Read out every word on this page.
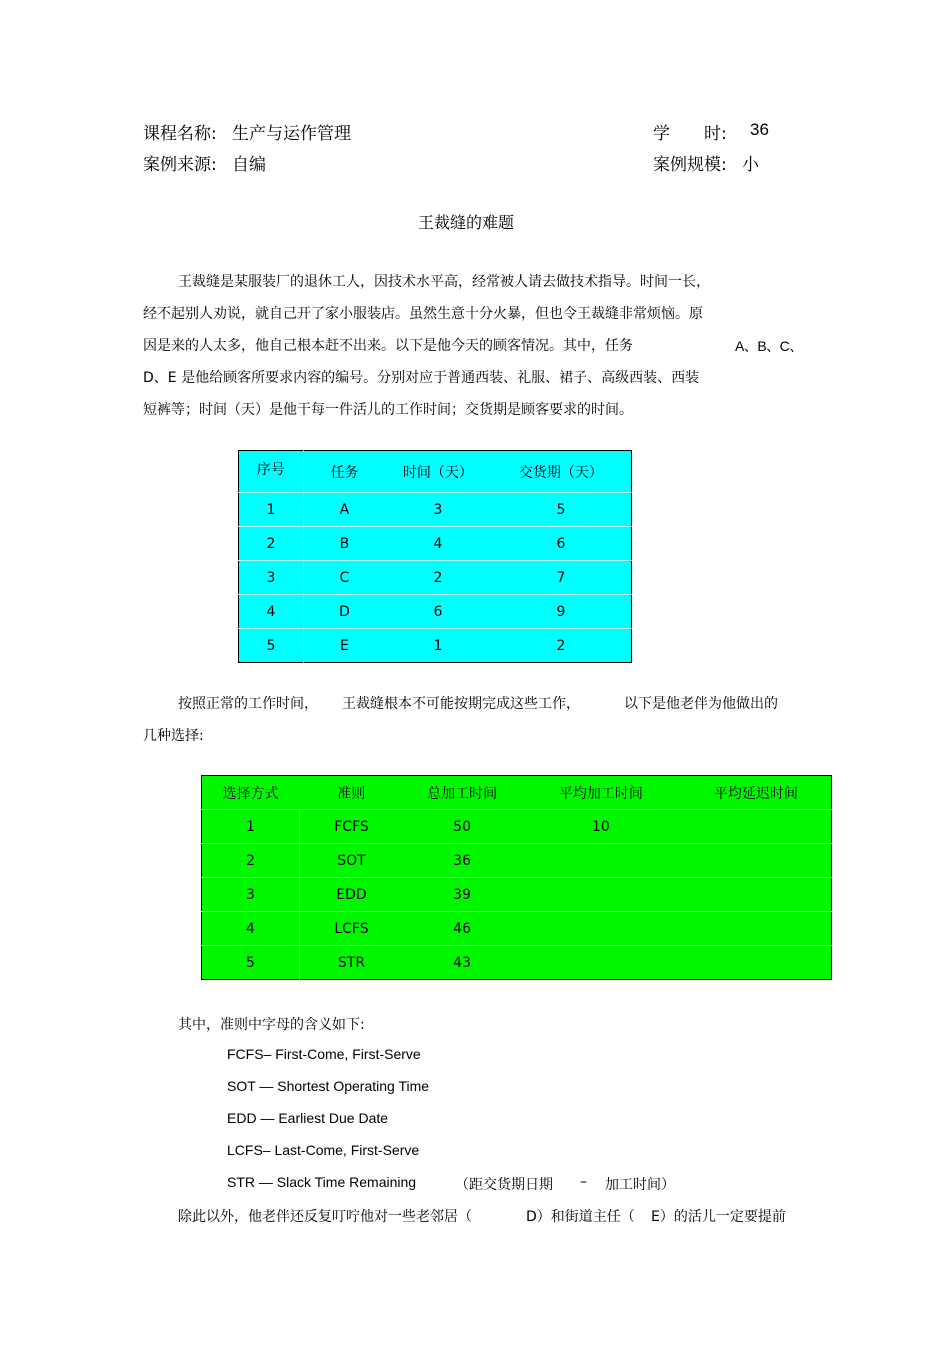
课程名称: 生产与运作管理	学　　时: 36
案例来源: 自编	案例规模: 小
王裁缝的难题
王裁缝是某服装厂的退休工人，因技术水平高，经常被人请去做技术指导。时间一长，
经不起别人劝说，就自己开了家小服装店。虽然生意十分火暴，但也令王裁缝非常烦恼。原
因是来的人太多，他自己根本赶不出来。以下是他今天的顾客情况。其中，任务	A、B、C、
D、E 是他给顾客所要求内容的编号。分别对应于普通西装、礼服、裙子、高级西装、西装
短裤等；时间（天）是他干每一件活儿的工作时间；交货期是顾客要求的时间。
序号	任务	时间（天）	交货期（天）
1	A	3	5
2	B	4	6
3	C	2	7
4	D	6	9
5	E	1	2
按照正常的工作时间， 王裁缝根本不可能按期完成这些工作，	以下是他老伴为他做出的
几种选择:
选择方式	准则	总加工时间	平均加工时间	平均延迟时间
1	FCFS	50	10	
2	SOT	36		
3	EDD	39		
4	LCFS	46		
5	STR	43		
其中，准则中字母的含义如下:
FCFS– First-Come, First-Serve
SOT — Shortest Operating Time
EDD — Earliest Due Date
LCFS– Last-Come, First-Serve
STR — Slack Time Remaining	（距交货期日期 – 加工时间）
除此以外，他老伴还反复叮咛他对一些老邻居（	D）和街道主任（ E）的活儿一定要提前
